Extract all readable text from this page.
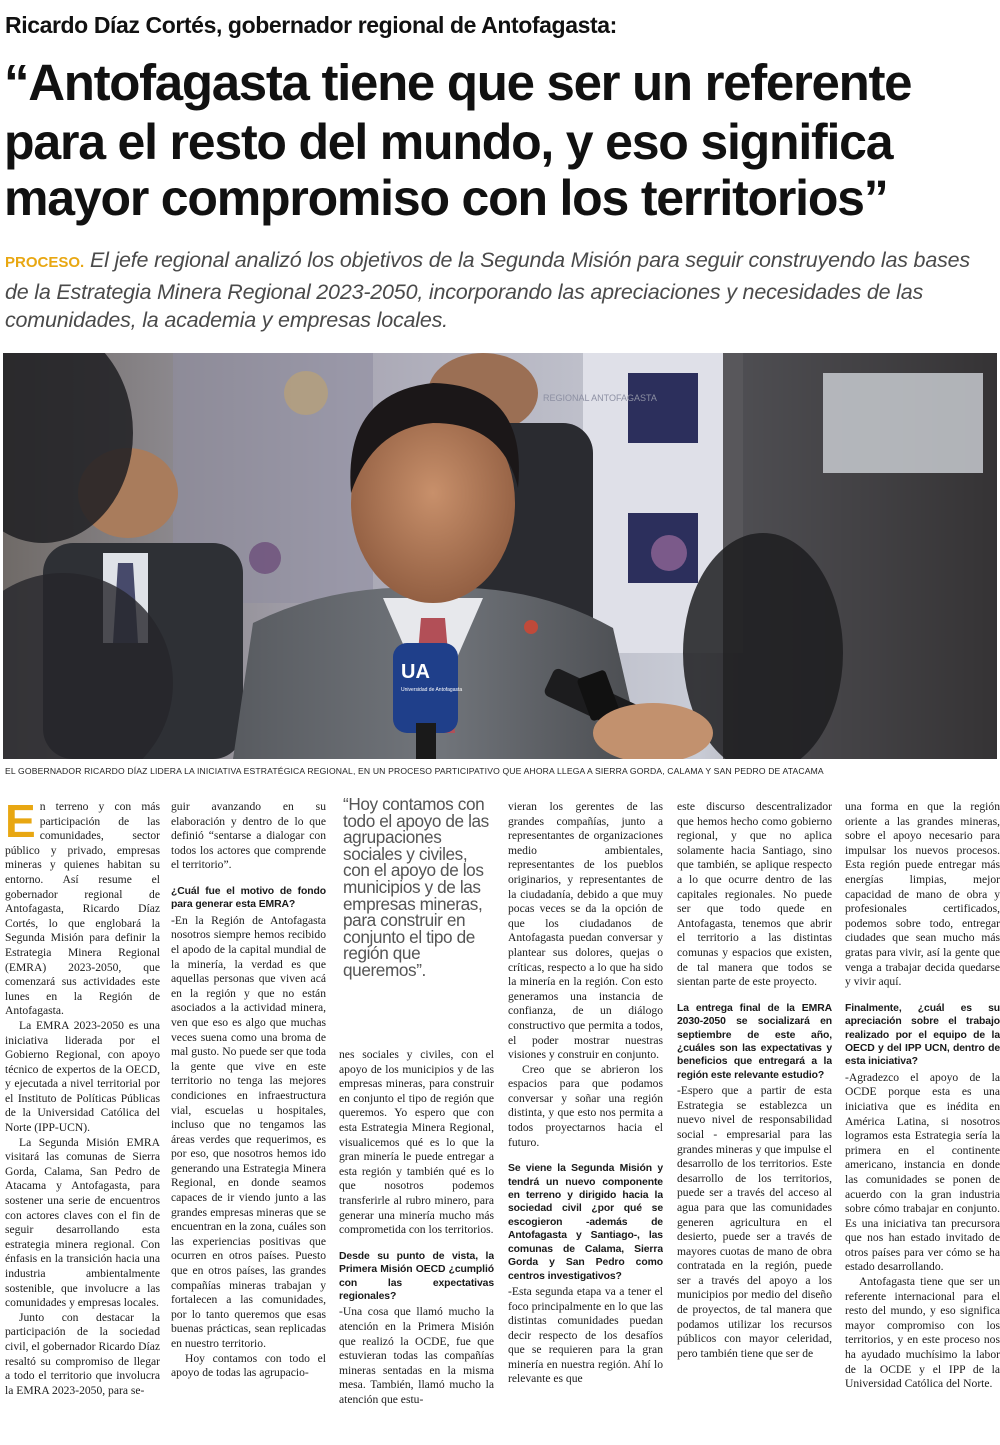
Ricardo Díaz Cortés, gobernador regional de Antofagasta:
“Antofagasta tiene que ser un referente
para el resto del mundo, y eso significa mayor compromiso con los territorios”
PROCESO. El jefe regional analizó los objetivos de la Segunda Misión para seguir construyendo las bases de la Estrategia Minera Regional 2023-2050, incorporando las apreciaciones y necesidades de las comunidades, la academia y empresas locales.
REGIONAL ANTOFAGASTA
UA
Universidad de Antofagasta
EL GOBERNADOR RICARDO DÍAZ LIDERA LA INICIATIVA ESTRATÉGICA REGIONAL, EN UN PROCESO PARTICIPATIVO QUE AHORA LLEGA A SIERRA GORDA, CALAMA Y SAN PEDRO DE ATACAMA

En terreno y con más participación de las comunidades, sector público y privado, empresas mineras y quienes habitan su entorno. Así resume el gobernador regional de Antofagasta, Ricardo Díaz Cortés, lo que englobará la Segunda Misión para definir la Estrategia Minera Regional (EMRA) 2023-2050, que comenzará sus actividades este lunes en la Región de Antofagasta.

La EMRA 2023-2050 es una iniciativa liderada por el Gobierno Regional, con apoyo técnico de expertos de la OECD, y ejecutada a nivel territorial por el Instituto de Políticas Públicas de la Universidad Católica del Norte (IPP-UCN).

La Segunda Misión EMRA visitará las comunas de Sierra Gorda, Calama, San Pedro de Atacama y Antofagasta, para sostener una serie de encuentros con actores claves con el fin de seguir desarrollando esta estrategia minera regional. Con énfasis en la transición hacia una industria ambientalmente sostenible, que involucre a las comunidades y empresas locales.

Junto con destacar la participación de la sociedad civil, el gobernador Ricardo Díaz resaltó su compromiso de llegar a todo el territorio que involucra la EMRA 2023-2050, para se-

guir avanzando en su elaboración y dentro de lo que definió “sentarse a dialogar con todos los actores que comprende el territorio”.

¿Cuál fue el motivo de fondo para generar esta EMRA?

-En la Región de Antofagasta nosotros siempre hemos recibido el apodo de la capital mundial de la minería, la verdad es que aquellas personas que viven acá en la región y que no están asociados a la actividad minera, ven que eso es algo que muchas veces suena como una broma de mal gusto. No puede ser que toda la gente que vive en este territorio no tenga las mejores condiciones en infraestructura vial, escuelas u hospitales, incluso que no tengamos las áreas verdes que requerimos, es por eso, que nosotros hemos ido generando una Estrategia Minera Regional, en donde seamos capaces de ir viendo junto a las grandes empresas mineras que se encuentran en la zona, cuáles son las experiencias positivas que ocurren en otros países. Puesto que en otros países, las grandes compañías mineras trabajan y fortalecen a las comunidades, por lo tanto queremos que esas buenas prácticas, sean replicadas en nuestro territorio.

Hoy contamos con todo el apoyo de todas las agrupacio-

“Hoy contamos con todo el apoyo de las agrupaciones sociales y civiles, con el apoyo de los municipios y de las empresas mineras, para construir en conjunto el tipo de región que queremos”.

nes sociales y civiles, con el apoyo de los municipios y de las empresas mineras, para construir en conjunto el tipo de región que queremos. Yo espero que con esta Estrategia Minera Regional, visualicemos qué es lo que la gran minería le puede entregar a esta región y también qué es lo que nosotros podemos transferirle al rubro minero, para generar una minería mucho más comprometida con los territorios.

Desde su punto de vista, la Primera Misión OECD ¿cumplió con las expectativas regionales?

-Una cosa que llamó mucho la atención en la Primera Misión que realizó la OCDE, fue que estuvieran todas las compañías mineras sentadas en la misma mesa. También, llamó mucho la atención que estu-

vieran los gerentes de las grandes compañías, junto a representantes de organizaciones medio ambientales, representantes de los pueblos originarios, y representantes de la ciudadanía, debido a que muy pocas veces se da la opción de que los ciudadanos de Antofagasta puedan conversar y plantear sus dolores, quejas o críticas, respecto a lo que ha sido la minería en la región. Con esto generamos una instancia de confianza, de un diálogo constructivo que permita a todos, el poder mostrar nuestras visiones y construir en conjunto.

Creo que se abrieron los espacios para que podamos conversar y soñar una región distinta, y que esto nos permita a todos proyectarnos hacia el futuro.

Se viene la Segunda Misión y tendrá un nuevo componente en terreno y dirigido hacia la sociedad civil ¿por qué se escogieron -además de Antofagasta y Santiago-, las comunas de Calama, Sierra Gorda y San Pedro como centros investigativos?

-Esta segunda etapa va a tener el foco principalmente en lo que las distintas comunidades puedan decir respecto de los desafíos que se requieren para la gran minería en nuestra región. Ahí lo relevante es que

este discurso descentralizador que hemos hecho como gobierno regional, y que no aplica solamente hacia Santiago, sino que también, se aplique respecto a lo que ocurre dentro de las capitales regionales. No puede ser que todo quede en Antofagasta, tenemos que abrir el territorio a las distintas comunas y espacios que existen, de tal manera que todos se sientan parte de este proyecto.

La entrega final de la EMRA 2030-2050 se socializará en septiembre de este año, ¿cuáles son las expectativas y beneficios que entregará a la región este relevante estudio?

-Espero que a partir de esta Estrategia se establezca un nuevo nivel de responsabilidad social - empresarial para las grandes mineras y que impulse el desarrollo de los territorios. Este desarrollo de los territorios, puede ser a través del acceso al agua para que las comunidades generen agricultura en el desierto, puede ser a través de mayores cuotas de mano de obra contratada en la región, puede ser a través del apoyo a los municipios por medio del diseño de proyectos, de tal manera que podamos utilizar los recursos públicos con mayor celeridad, pero también tiene que ser de

una forma en que la región oriente a las grandes mineras, sobre el apoyo necesario para impulsar los nuevos procesos. Esta región puede entregar más energías limpias, mejor capacidad de mano de obra y profesionales certificados, podemos sobre todo, entregar ciudades que sean mucho más gratas para vivir, así la gente que venga a trabajar decida quedarse y vivir aquí.

Finalmente, ¿cuál es su apreciación sobre el trabajo realizado por el equipo de la OECD y del IPP UCN, dentro de esta iniciativa?

-Agradezco el apoyo de la OCDE porque esta es una iniciativa que es inédita en América Latina, si nosotros logramos esta Estrategia sería la primera en el continente americano, instancia en donde las comunidades se ponen de acuerdo con la gran industria sobre cómo trabajar en conjunto. Es una iniciativa tan precursora que nos han estado invitado de otros países para ver cómo se ha estado desarrollando.

Antofagasta tiene que ser un referente internacional para el resto del mundo, y eso significa mayor compromiso con los territorios, y en este proceso nos ha ayudado muchísimo la labor de la OCDE y el IPP de la Universidad Católica del Norte.
